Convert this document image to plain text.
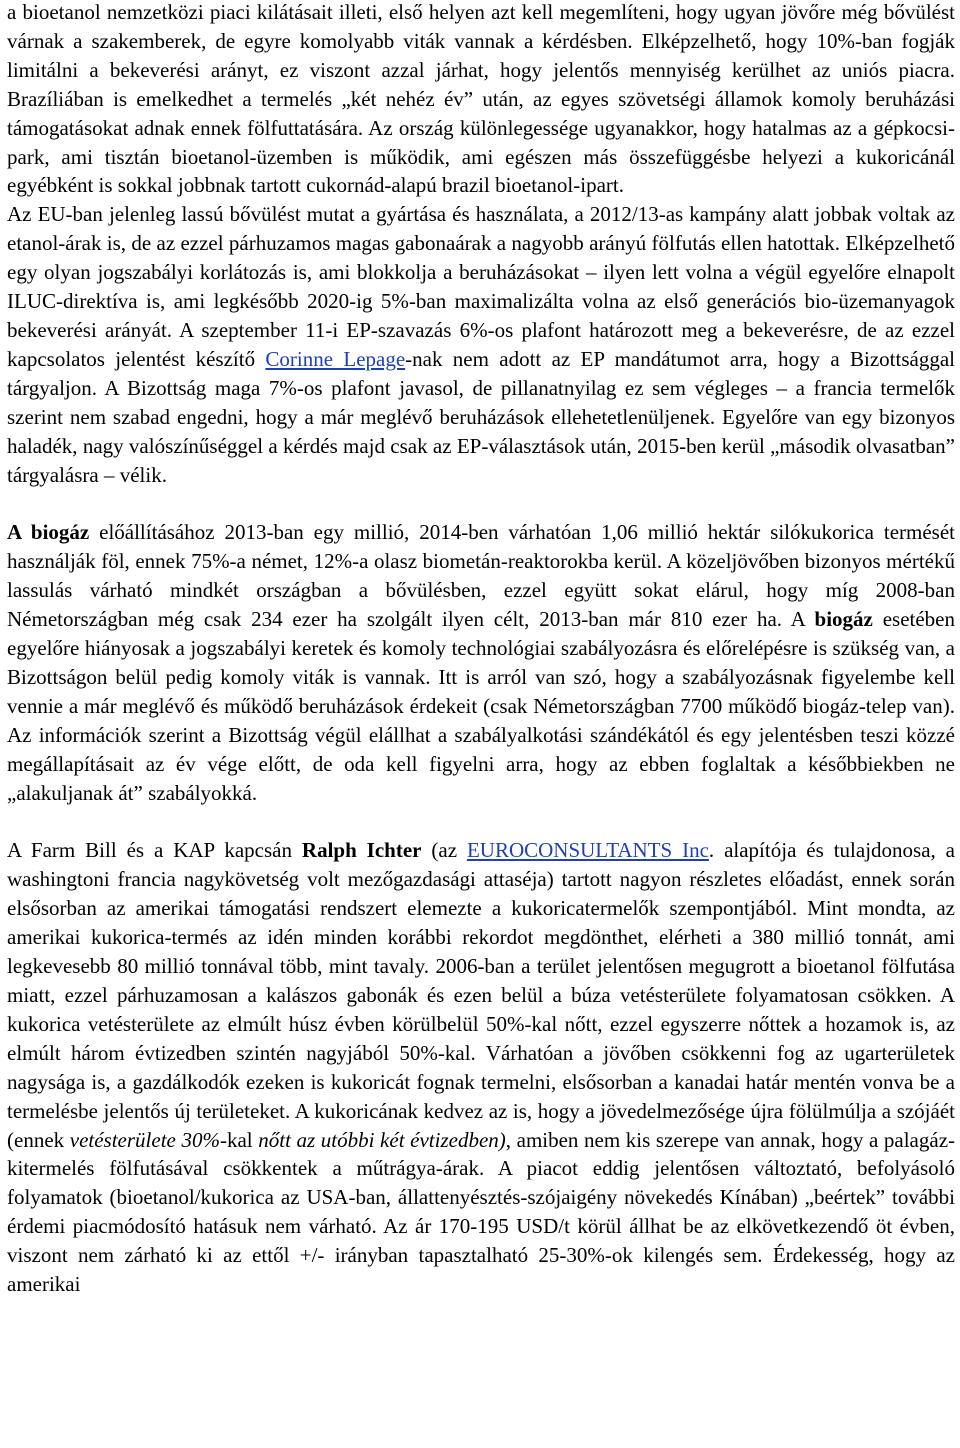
a bioetanol nemzetközi piaci kilátásait illeti, első helyen azt kell megemlíteni, hogy ugyan jövőre még bővülést várnak a szakemberek, de egyre komolyabb viták vannak a kérdésben. Elképzelhető, hogy 10%-ban fogják limitálni a bekeverési arányt, ez viszont azzal járhat, hogy jelentős mennyiség kerülhet az uniós piacra. Brazíliában is emelkedhet a termelés „két nehéz év” után, az egyes szövetségi államok komoly beruházási támogatásokat adnak ennek fölfuttatására. Az ország különlegessége ugyanakkor, hogy hatalmas az a gépkocsi-park, ami tisztán bioetanol-üzemben is működik, ami egészen más összefüggésbe helyezi a kukoricánál egyébként is sokkal jobbnak tartott cukornád-alapú brazil bioetanol-ipart.

Az EU-ban jelenleg lassú bővülést mutat a gyártása és használata, a 2012/13-as kampány alatt jobbak voltak az etanol-árak is, de az ezzel párhuzamos magas gabonaárak a nagyobb arányú fölfutás ellen hatottak. Elképzelhető egy olyan jogszabályi korlátozás is, ami blokkolja a beruházásokat – ilyen lett volna a végül egyelőre elnapolt ILUC-direktíva is, ami legkésőbb 2020-ig 5%-ban maximalizálta volna az első generációs bio-üzemanyagok bekeverési arányát. A szeptember 11-i EP-szavazás 6%-os plafont határozott meg a bekeverésre, de az ezzel kapcsolatos jelentést készítő Corinne Lepage-nak nem adott az EP mandátumot arra, hogy a Bizottsággal tárgyaljon. A Bizottság maga 7%-os plafont javasol, de pillanatnyilag ez sem végleges – a francia termelők szerint nem szabad engedni, hogy a már meglévő beruházások ellehetetlenüljenek. Egyelőre van egy bizonyos haladék, nagy valószínűséggel a kérdés majd csak az EP-választások után, 2015-ben kerül „második olvasatban” tárgyalásra – vélik.

A biogáz előállításához 2013-ban egy millió, 2014-ben várhatóan 1,06 millió hektár silókukorica termését használják föl, ennek 75%-a német, 12%-a olasz biometán-reaktorokba kerül. A közeljövőben bizonyos mértékű lassulás várható mindkét országban a bővülésben, ezzel együtt sokat elárul, hogy míg 2008-ban Németországban még csak 234 ezer ha szolgált ilyen célt, 2013-ban már 810 ezer ha. A biogáz esetében egyelőre hiányosak a jogszabályi keretek és komoly technológiai szabályozásra és előrelépésre is szükség van, a Bizottságon belül pedig komoly viták is vannak. Itt is arról van szó, hogy a szabályozásnak figyelembe kell vennie a már meglévő és működő beruházások érdekeit (csak Németországban 7700 működő biogáz-telep van). Az információk szerint a Bizottság végül elállhat a szabályalkotási szándékától és egy jelentésben teszi közzé megállapításait az év vége előtt, de oda kell figyelni arra, hogy az ebben foglaltak a későbbiekben ne „alakuljanak át” szabályokká.

A Farm Bill és a KAP kapcsán Ralph Ichter (az EUROCONSULTANTS Inc. alapítója és tulajdonosa, a washingtoni francia nagykövetség volt mezőgazdasági attaséja) tartott nagyon részletes előadást, ennek során elsősorban az amerikai támogatási rendszert elemezte a kukoricatermelők szempontjából. Mint mondta, az amerikai kukorica-termés az idén minden korábbi rekordot megdönthet, elérheti a 380 millió tonnát, ami legkevesebb 80 millió tonnával több, mint tavaly. 2006-ban a terület jelentősen megugrott a bioetanol fölfutása miatt, ezzel párhuzamosan a kalászos gabonák és ezen belül a búza vetésterülete folyamatosan csökken. A kukorica vetésterülete az elmúlt húsz évben körülbelül 50%-kal nőtt, ezzel egyszerre nőttek a hozamok is, az elmúlt három évtizedben szintén nagyjából 50%-kal. Várhatóan a jövőben csökkenni fog az ugarterületek nagysága is, a gazdálkodók ezeken is kukoricát fognak termelni, elsősorban a kanadai határ mentén vonva be a termelésbe jelentős új területeket. A kukoricának kedvez az is, hogy a jövedelmezősége újra fölülmúlja a szójáét (ennek vetésterülete 30%-kal nőtt az utóbbi két évtizedben), amiben nem kis szerepe van annak, hogy a palagáz-kitermelés fölfutásával csökkentek a műtrágya-árak. A piacot eddig jelentősen változtató, befolyásoló folyamatok (bioetanol/kukorica az USA-ban, állattenyésztés-szójaigény növekedés Kínában) „beértek” további érdemi piacmódosító hatásuk nem várható. Az ár 170-195 USD/t körül állhat be az elkövetkezendő öt évben, viszont nem zárható ki az ettől +/- irányban tapasztalható 25-30%-ok kilengés sem. Érdekesség, hogy az amerikai
